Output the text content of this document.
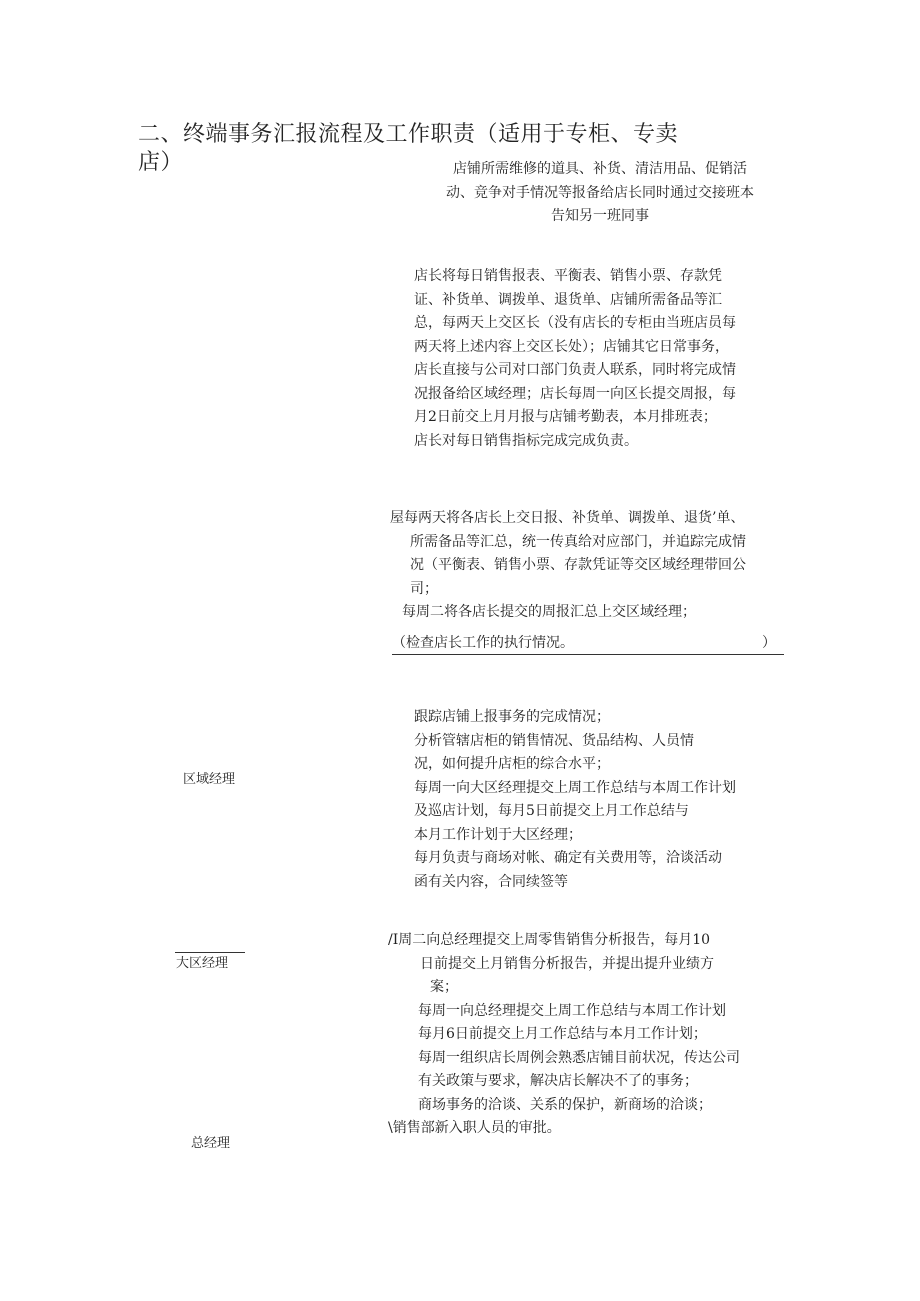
二、终端事务汇报流程及工作职责（适用于专柜、专卖
店）	店铺所需维修的道具、补货、清洁用品、促销活
动、竞争对手情况等报备给店长同时通过交接班本
告知另一班同事
店长将每日销售报表、平衡表、销售小票、存款凭
证、补货单、调拨单、退货单、店铺所需备品等汇
总，每两天上交区长（没有店长的专柜由当班店员每
两天将上述内容上交区长处）；店铺其它日常事务，
店长直接与公司对口部门负责人联系，同时将完成情
况报备给区域经理；店长每周一向区长提交周报，每
月2日前交上月月报与店铺考勤表，本月排班表；
店长对每日销售指标完成完成负责。
屋每两天将各店长上交日报、补货单、调拨单、退货’单、
所需备品等汇总，统一传真给对应部门，并追踪完成情
况（平衡表、销售小票、存款凭证等交区域经理带回公
司；
每周二将各店长提交的周报汇总上交区域经理；
（检查店长工作的执行情况。	）
跟踪店铺上报事务的完成情况；
分析管辖店柜的销售情况、货品结构、人员情
况，如何提升店柜的综合水平；
每周一向大区经理提交上周工作总结与本周工作计划
及巡店计划，每月5日前提交上月工作总结与
本月工作计划于大区经理；
每月负责与商场对帐、确定有关费用等，洽谈活动
函有关内容，合同续签等
/I周二向总经理提交上周零售销售分析报告，每月10
日前提交上月销售分析报告，并提出提升业绩方
案；
每周一向总经理提交上周工作总结与本周工作计划
每月6日前提交上月工作总结与本月工作计划；
每周一组织店长周例会熟悉店铺目前状况，传达公司
有关政策与要求，解决店长解决不了的事务；
商场事务的洽谈、关系的保护，新商场的洽谈；
\销售部新入职人员的审批。
区域经理
大区经理
总经理
